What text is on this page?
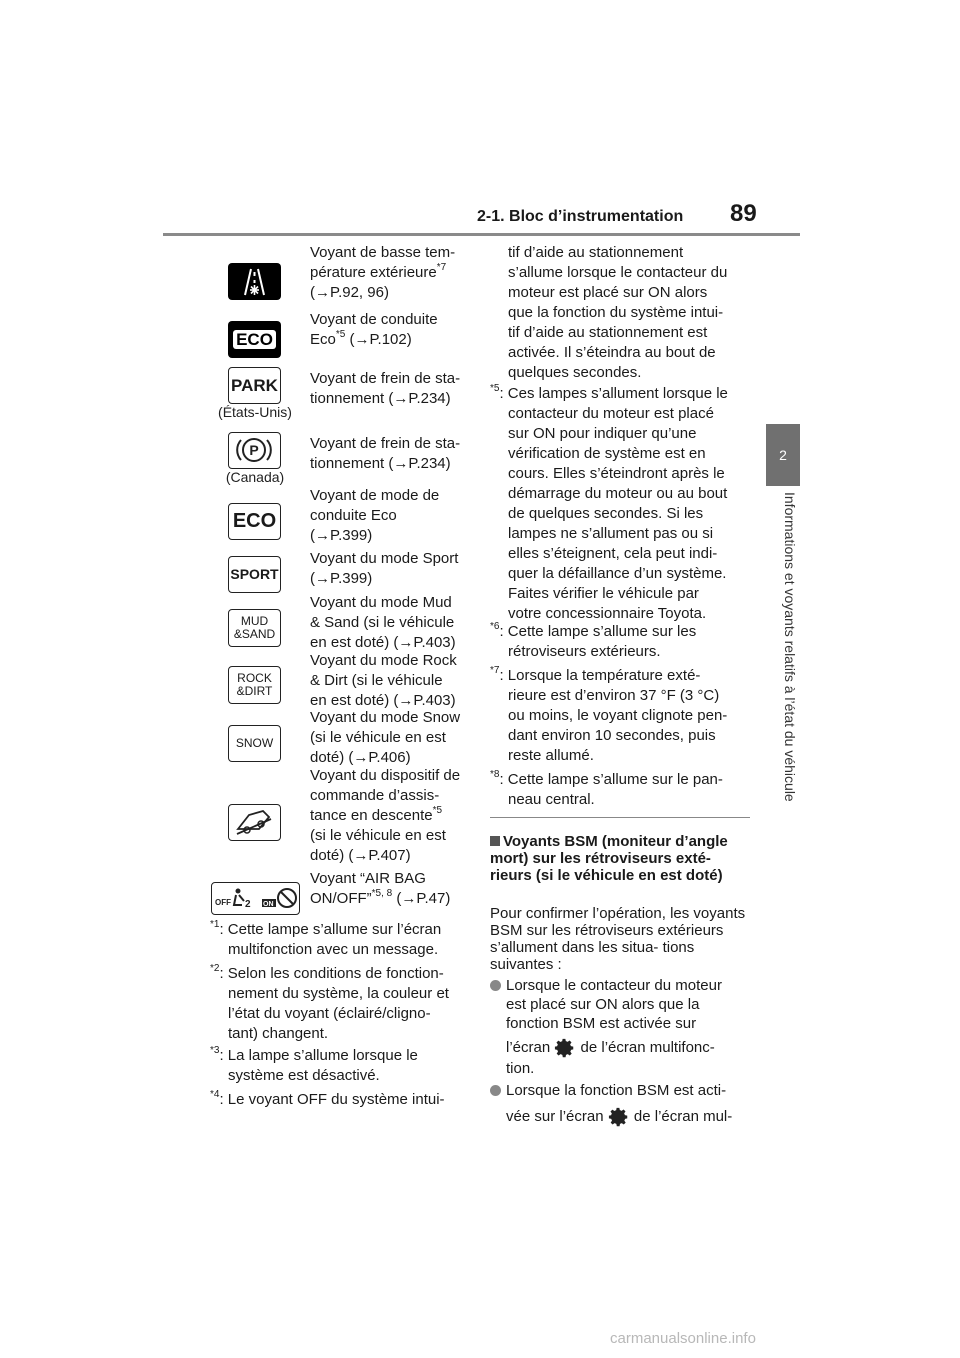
2-1. Bloc d’instrumentation 89
2
Informations et voyants relatifs à l’état du véhicule
Voyant de basse tem-
pérature extérieure$^{*7}$
(→P.92, 96)
ECO
Voyant de conduite
Eco$^{*5}$ (→P.102)
PARK
(États-Unis)
Voyant de frein de sta-
tionnement (→P.234)
P
(Canada)
Voyant de frein de sta-
tionnement (→P.234)
ECO
Voyant de mode de
conduite Eco
(→P.399)
SPORT
Voyant du mode Sport
(→P.399)
MUD &SAND
Voyant du mode Mud
& Sand (si le véhicule
en est doté) (→P.403)
ROCK &DIRT
Voyant du mode Rock
& Dirt (si le véhicule
en est doté) (→P.403)
SNOW
Voyant du mode Snow
(si le véhicule en est
doté) (→P.406)
Voyant du dispositif de
commande d’assis-
tance en descente$^{*5}$
(si le véhicule en est
doté) (→P.407)
OFF 2 ON
Voyant “AIR BAG
ON/OFF”$^{*5, 8}$ (→P.47)
$^{*1}$: Cette lampe s’allume sur l’écran
multifonction avec un message.
$^{*2}$: Selon les conditions de fonction-
nement du système, la couleur et
l’état du voyant (éclairé/cligno-
tant) changent.
$^{*3}$: La lampe s’allume lorsque le
système est désactivé.
$^{*4}$: Le voyant OFF du système intui-
tif d’aide au stationnement
s’allume lorsque le contacteur du
moteur est placé sur ON alors
que la fonction du système intui-
tif d’aide au stationnement est
activée. Il s’éteindra au bout de
quelques secondes.
$^{*5}$: Ces lampes s’allument lorsque le
contacteur du moteur est placé
sur ON pour indiquer qu’une
vérification de système est en
cours. Elles s’éteindront après le
démarrage du moteur ou au bout
de quelques secondes. Si les
lampes ne s’allument pas ou si
elles s’éteignent, cela peut indi-
quer la défaillance d’un système.
Faites vérifier le véhicule par
votre concessionnaire Toyota.
$^{*6}$: Cette lampe s’allume sur les
rétroviseurs extérieurs.
$^{*7}$: Lorsque la température exté-
rieure est d’environ 37 °F (3 °C)
ou moins, le voyant clignote pen-
dant environ 10 secondes, puis
reste allumé.
$^{*8}$: Cette lampe s’allume sur le pan-
neau central.
Voyants BSM (moniteur d’angle mort) sur les rétroviseurs exté- rieurs (si le véhicule en est doté)
Pour confirmer l’opération, les voyants BSM sur les rétroviseurs extérieurs s’allument dans les situa- tions suivantes :
Lorsque le contacteur du moteur
est placé sur ON alors que la
fonction BSM est activée sur
l’écran de l’écran multifonc-
tion.
Lorsque la fonction BSM est acti-
vée sur l’écran de l’écran mul-
carmanualsonline.info
